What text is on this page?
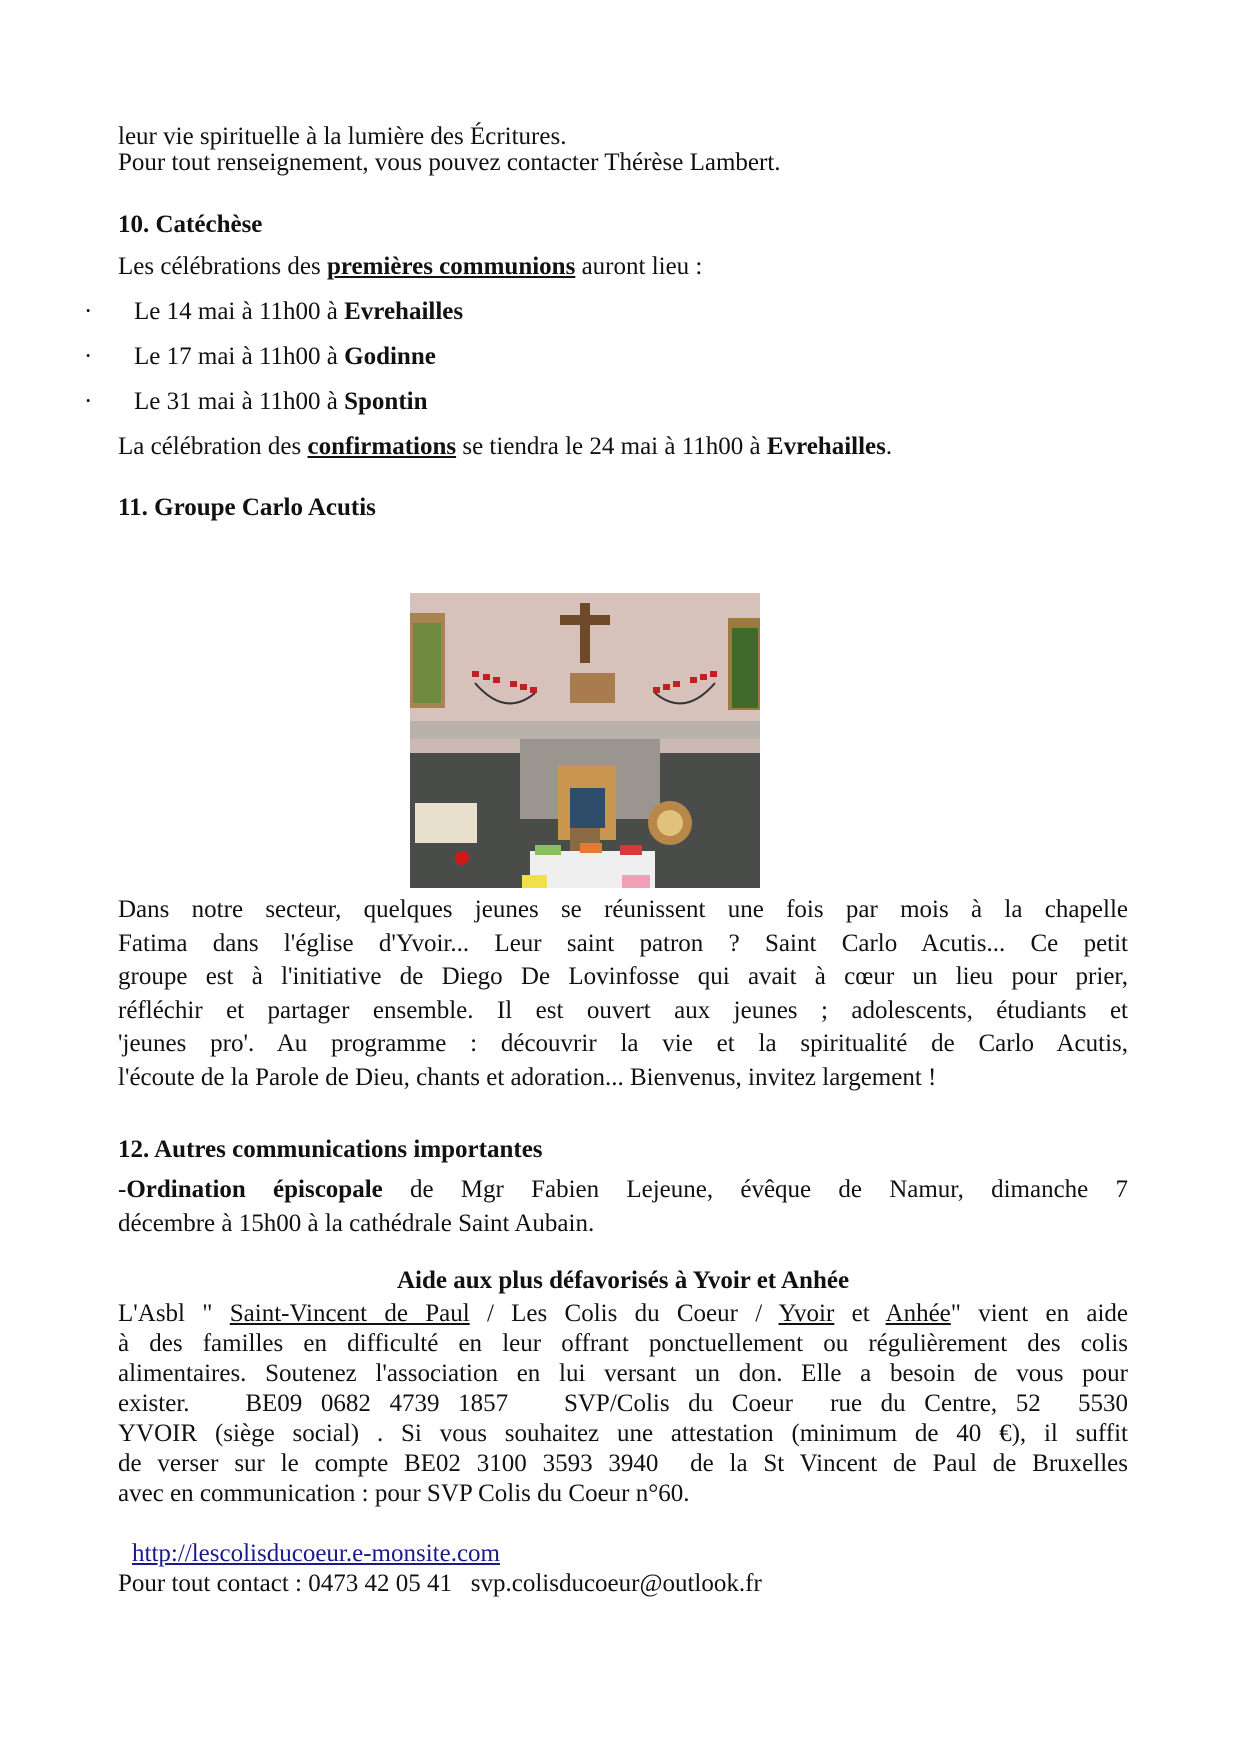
leur vie spirituelle à la lumière des Écritures.
Pour tout renseignement, vous pouvez contacter Thérèse Lambert.
10. Catéchèse
Les célébrations des premières communions auront lieu :
· Le 14 mai à 11h00 à Evrehailles
· Le 17 mai à 11h00 à Godinne
· Le 31 mai à 11h00 à Spontin
La célébration des confirmations se tiendra le 24 mai à 11h00 à Evrehailles.
11. Groupe Carlo Acutis
Dans notre secteur, quelques jeunes se réunissent une fois par mois à la chapelle
Fatima dans l'église d'Yvoir... Leur saint patron ? Saint Carlo Acutis... Ce petit
groupe est à l'initiative de Diego De Lovinfosse qui avait à cœur un lieu pour prier,
réfléchir et partager ensemble. Il est ouvert aux jeunes ; adolescents, étudiants et
'jeunes pro'. Au programme : découvrir la vie et la spiritualité de Carlo Acutis,
l'écoute de la Parole de Dieu, chants et adoration... Bienvenus, invitez largement !
12. Autres communications importantes
-Ordination épiscopale de Mgr Fabien Lejeune, évêque de Namur, dimanche 7
décembre à 15h00 à la cathédrale Saint Aubain.
Aide aux plus défavorisés à Yvoir et Anhée
L'Asbl " Saint-Vincent de Paul / Les Colis du Coeur / Yvoir et Anhée" vient en aide
à des familles en difficulté en leur offrant ponctuellement ou régulièrement des colis
alimentaires. Soutenez l'association en lui versant un don. Elle a besoin de vous pour
exister.   BE09 0682 4739 1857   SVP/Colis du Coeur  rue du Centre, 52  5530
YVOIR (siège social) . Si vous souhaitez une attestation (minimum de 40 €), il suffit
de verser sur le compte BE02 3100 3593 3940  de la St Vincent de Paul de Bruxelles
avec en communication : pour SVP Colis du Coeur n°60.
http://lescolisducoeur.e-monsite.com
Pour tout contact : 0473 42 05 41   svp.colisducoeur@outlook.fr
